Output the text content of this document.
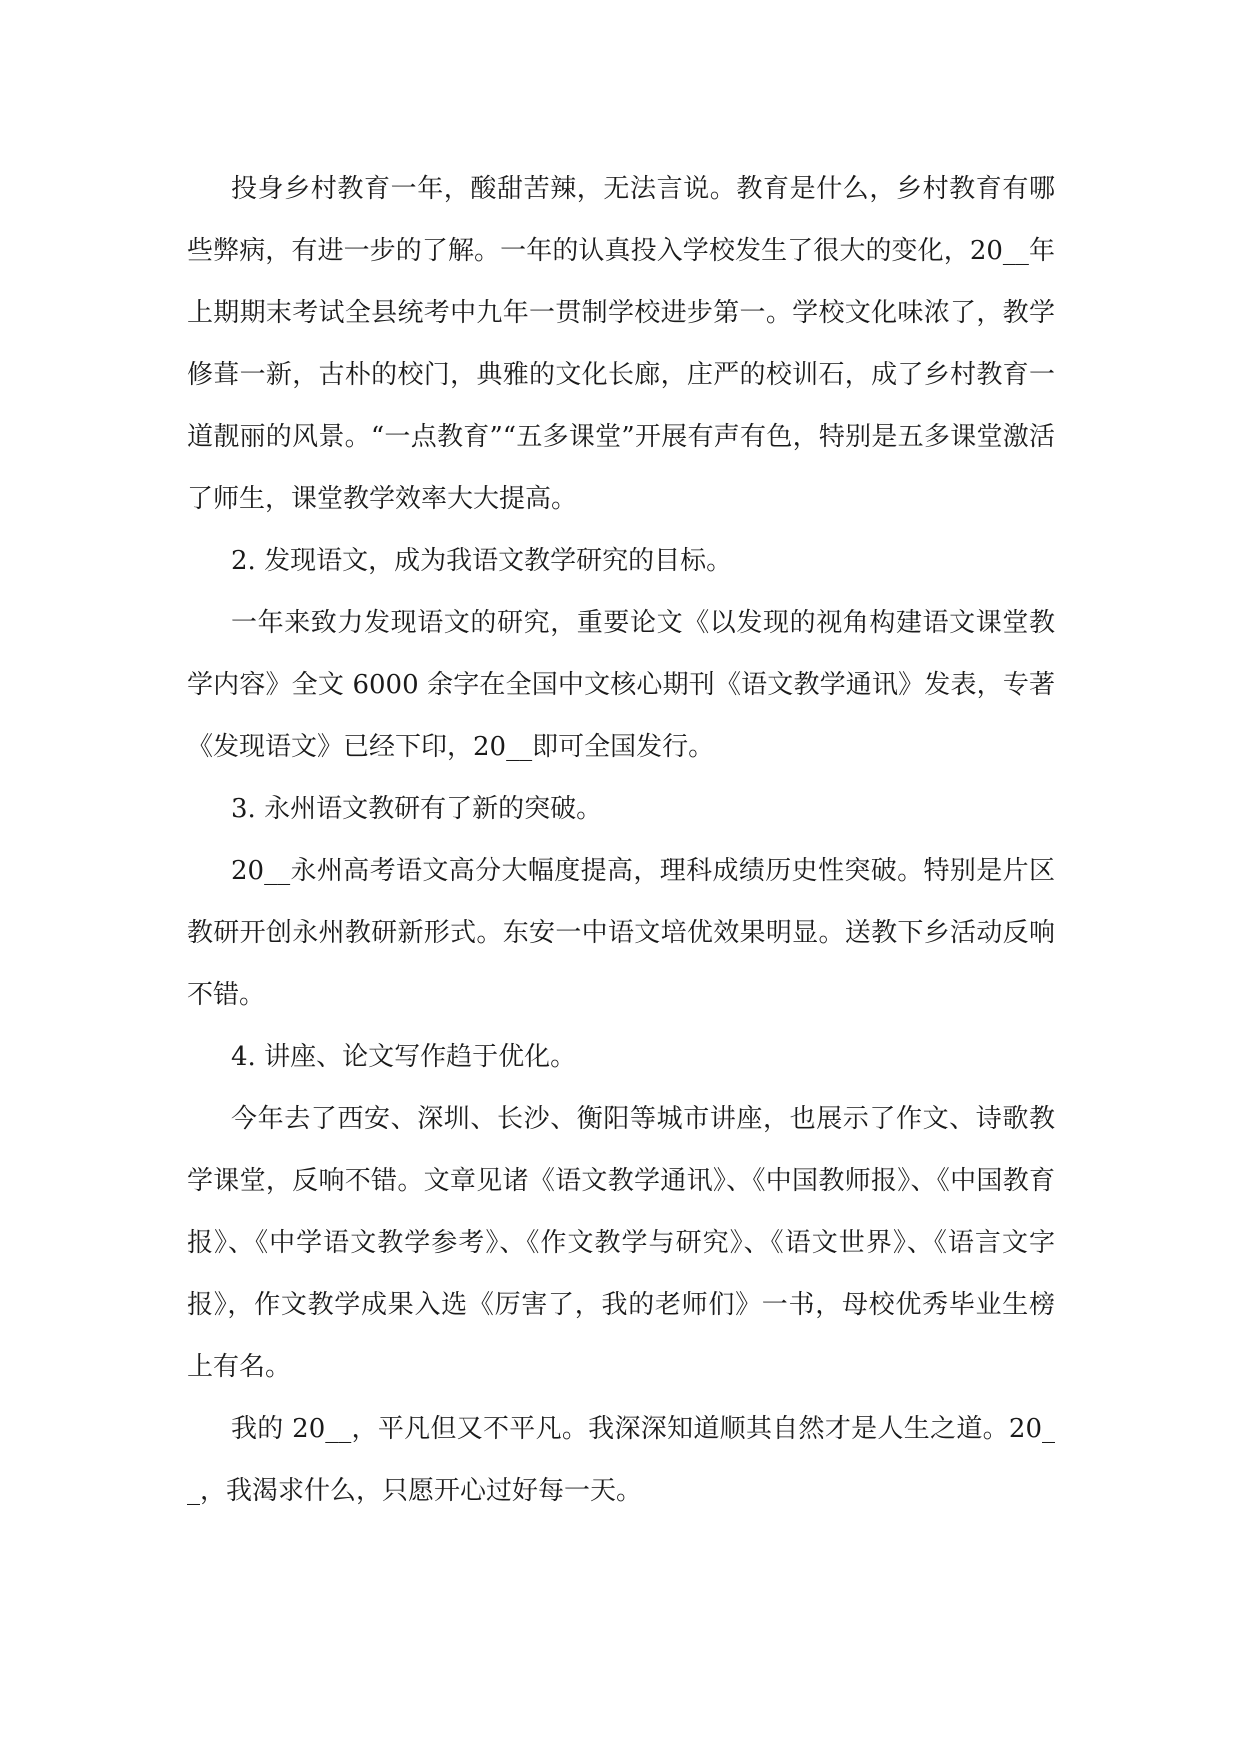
投身乡村教育一年，酸甜苦辣，无法言说。教育是什么，乡村教育有哪些弊病，有进一步的了解。一年的认真投入学校发生了很大的变化，20__年上期期末考试全县统考中九年一贯制学校进步第一。学校文化味浓了，教学修葺一新，古朴的校门，典雅的文化长廊，庄严的校训石，成了乡村教育一道靓丽的风景。“一点教育”“五多课堂”开展有声有色，特别是五多课堂激活了师生，课堂教学效率大大提高。

2. 发现语文，成为我语文教学研究的目标。

一年来致力发现语文的研究，重要论文《以发现的视角构建语文课堂教学内容》全文 6000 余字在全国中文核心期刊《语文教学通讯》发表，专著《发现语文》已经下印，20__即可全国发行。

3. 永州语文教研有了新的突破。

20__永州高考语文高分大幅度提高，理科成绩历史性突破。特别是片区教研开创永州教研新形式。东安一中语文培优效果明显。送教下乡活动反响不错。

4. 讲座、论文写作趋于优化。

今年去了西安、深圳、长沙、衡阳等城市讲座，也展示了作文、诗歌教学课堂，反响不错。文章见诸《语文教学通讯》、《中国教师报》、《中国教育报》、《中学语文教学参考》、《作文教学与研究》、《语文世界》、《语言文字报》，作文教学成果入选《厉害了，我的老师们》一书，母校优秀毕业生榜上有名。

我的 20__，平凡但又不平凡。我深深知道顺其自然才是人生之道。20__，我渴求什么，只愿开心过好每一天。
